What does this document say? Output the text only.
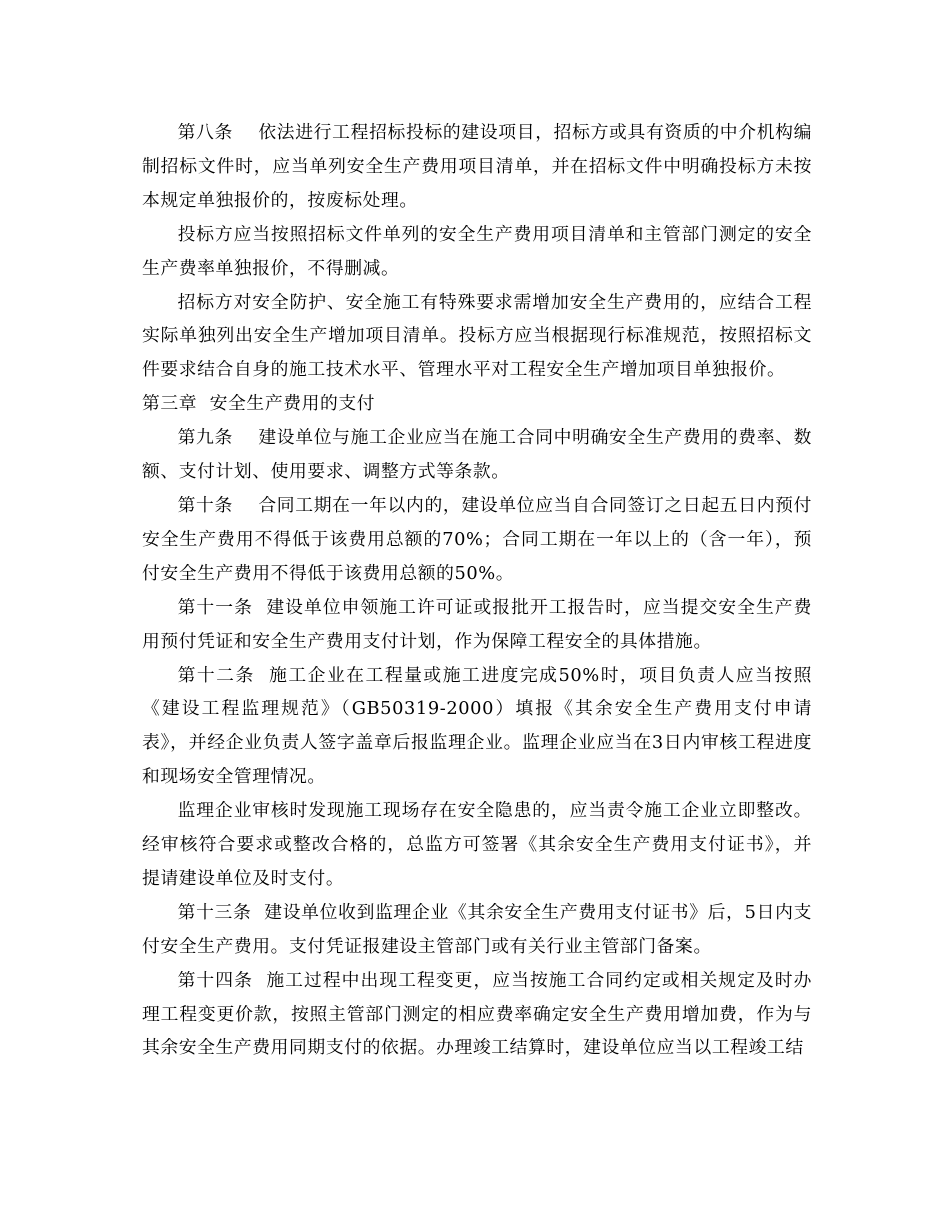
第八条 依法进行工程招标投标的建设项目，招标方或具有资质的中介机构编制招标文件时，应当单列安全生产费用项目清单，并在招标文件中明确投标方未按本规定单独报价的，按废标处理。

投标方应当按照招标文件单列的安全生产费用项目清单和主管部门测定的安全生产费率单独报价，不得删减。

招标方对安全防护、安全施工有特殊要求需增加安全生产费用的，应结合工程实际单独列出安全生产增加项目清单。投标方应当根据现行标准规范，按照招标文件要求结合自身的施工技术水平、管理水平对工程安全生产增加项目单独报价。

第三章 安全生产费用的支付

第九条 建设单位与施工企业应当在施工合同中明确安全生产费用的费率、数额、支付计划、使用要求、调整方式等条款。

第十条 合同工期在一年以内的，建设单位应当自合同签订之日起五日内预付安全生产费用不得低于该费用总额的70%；合同工期在一年以上的（含一年），预付安全生产费用不得低于该费用总额的50%。

第十一条 建设单位申领施工许可证或报批开工报告时，应当提交安全生产费用预付凭证和安全生产费用支付计划，作为保障工程安全的具体措施。

第十二条 施工企业在工程量或施工进度完成50%时，项目负责人应当按照《建设工程监理规范》（GB50319-2000）填报《其余安全生产费用支付申请表》，并经企业负责人签字盖章后报监理企业。监理企业应当在3日内审核工程进度和现场安全管理情况。

监理企业审核时发现施工现场存在安全隐患的，应当责令施工企业立即整改。经审核符合要求或整改合格的，总监方可签署《其余安全生产费用支付证书》，并提请建设单位及时支付。

第十三条 建设单位收到监理企业《其余安全生产费用支付证书》后，5日内支付安全生产费用。支付凭证报建设主管部门或有关行业主管部门备案。

第十四条 施工过程中出现工程变更，应当按施工合同约定或相关规定及时办理工程变更价款，按照主管部门测定的相应费率确定安全生产费用增加费，作为与其余安全生产费用同期支付的依据。办理竣工结算时，建设单位应当以工程竣工结
